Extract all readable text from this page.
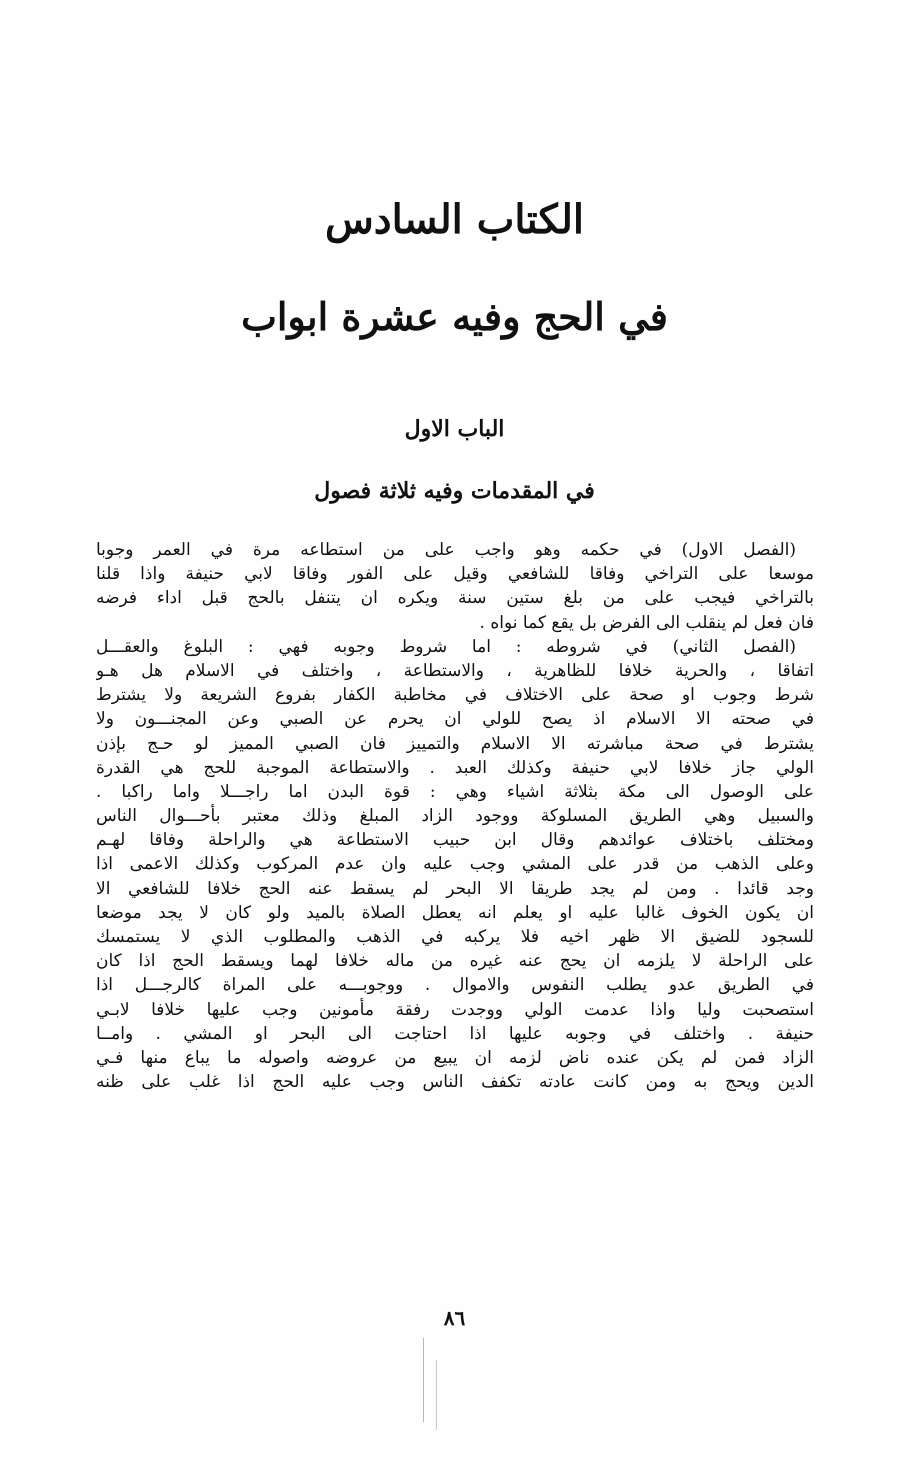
الكتاب السادس
في الحج وفيه عشرة ابواب
الباب الاول
في المقدمات وفيه ثلاثة فصول
(الفصل الاول) في حكمه وهو واجب على من استطاعه مرة في العمر وجوبا
موسعا على التراخي وفاقا للشافعي وقيل على الفور وفاقا لابي حنيفة واذا قلنا
بالتراخي فيجب على من بلغ ستين سنة ويكره ان يتنفل بالحج قبل اداء فرضه
فان فعل لم ينقلب الى الفرض بل يقع كما نواه .
(الفصل الثاني) في شروطه : اما شروط وجوبه فهي : البلوغ والعقـــل
اتفاقا ، والحرية خلافا للظاهرية ، والاستطاعة ، واختلف في الاسلام هل هـو
شرط وجوب او صحة على الاختلاف في مخاطبة الكفار بفروع الشريعة ولا يشترط
في صحته الا الاسلام اذ يصح للولي ان يحرم عن الصبي وعن المجنـــون ولا
يشترط في صحة مباشرته الا الاسلام والتمييز فان الصبي المميز لو حـج بإذن
الولي جاز خلافا لابي حنيفة وكذلك العبد . والاستطاعة الموجبة للحج هي القدرة
على الوصول الى مكة بثلاثة اشياء وهي : قوة البدن اما راجـــلا واما راكبا .
والسبيل وهي الطريق المسلوكة ووجود الزاد المبلغ وذلك معتبر بأحـــوال الناس
ومختلف باختلاف عوائدهم وقال ابن حبيب الاستطاعة هي والراحلة وفاقا لهـم
وعلى الذهب من قدر على المشي وجب عليه وان عدم المركوب وكذلك الاعمى اذا
وجد قائدا . ومن لم يجد طريقا الا البحر لم يسقط عنه الحج خلافا للشافعي الا
ان يكون الخوف غالبا عليه او يعلم انه يعطل الصلاة بالميد ولو كان لا يجد موضعا
للسجود للضيق الا ظهر اخيه فلا يركبه في الذهب والمطلوب الذي لا يستمسك
على الراحلة لا يلزمه ان يحج عنه غيره من ماله خلافا لهما ويسقط الحج اذا كان
في الطريق عدو يطلب النفوس والاموال . ووجوبـــه على المراة كالرجـــل اذا
استصحبت وليا واذا عدمت الولي ووجدت رفقة مأمونين وجب عليها خلافا لابـي
حنيفة . واختلف في وجوبه عليها اذا احتاجت الى البحر او المشي . وامــا
الزاد فمن لم يكن عنده ناض لزمه ان يبيع من عروضه واصوله ما يباع منها فـي
الدين ويحج به ومن كانت عادته تكفف الناس وجب عليه الحج اذا غلب على ظنه
٨٦
